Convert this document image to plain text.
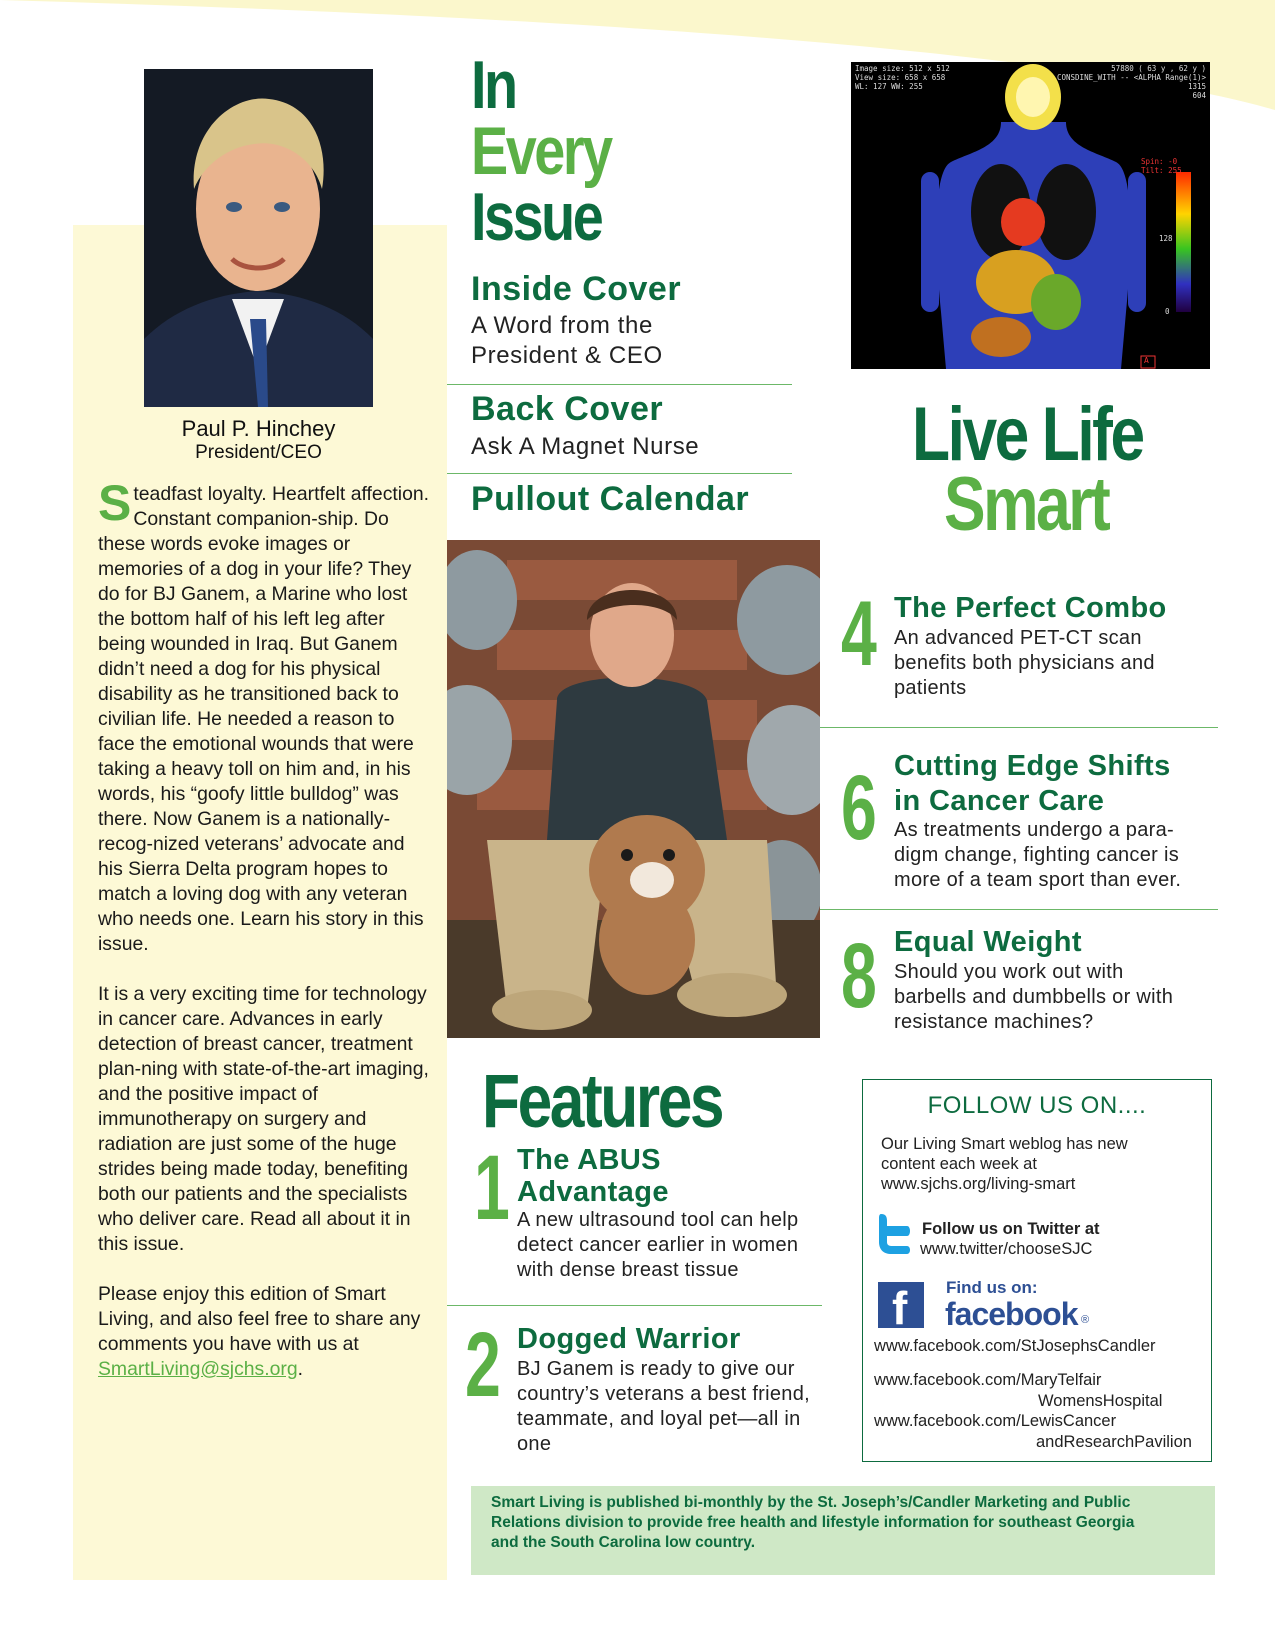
Paul P. Hinchey
President/CEO

Steadfast loyalty. Heartfelt affection. Constant companion-ship. Do these words evoke images or memories of a dog in your life? They do for BJ Ganem, a Marine who lost the bottom half of his left leg after being wounded in Iraq. But Ganem didn’t need a dog for his physical disability as he transitioned back to civilian life. He needed a reason to face the emotional wounds that were taking a heavy toll on him and, in his words, his “goofy little bulldog” was there. Now Ganem is a nationally-recog-nized veterans’ advocate and his Sierra Delta program hopes to match a loving dog with any veteran who needs one. Learn his story in this issue.

It is a very exciting time for technology in cancer care. Advances in early detection of breast cancer, treatment plan-ning with state-of-the-art imaging, and the positive impact of immunotherapy on surgery and radiation are just some of the huge strides being made today, benefiting both our patients and the specialists who deliver care. Read all about it in this issue.

Please enjoy this edition of Smart Living, and also feel free to share any comments you have with us at SmartLiving@sjchs.org.

In
Every
Issue
Inside Cover
A Word from the
President & CEO
Back Cover
Ask A Magnet Nurse
Pullout Calendar
Image size: 512 x 512
View size: 658 x 658
WL: 127 WW: 255
57880 ( 63 y , 62 y )
CONSDINE_WITH -- <ALPHA Range(1)>
1315
604
Spin: -0
Tilt: 255
128
0
A
Live Life
Smart
4 The Perfect Combo
An advanced PET-CT scan
benefits both physicians and
patients
6 Cutting Edge Shifts
in Cancer Care
As treatments undergo a para-
digm change, fighting cancer is
more of a team sport than ever.
8 Equal Weight
Should you work out with
barbells and dumbbells or with
resistance machines?
Features
1 The ABUS
Advantage
A new ultrasound tool can help
detect cancer earlier in women
with dense breast tissue
2 Dogged Warrior
BJ Ganem is ready to give our
country’s veterans a best friend,
teammate, and loyal pet—all in
one
FOLLOW US ON....
Our Living Smart weblog has new
content each week at
www.sjchs.org/living-smart
Follow us on Twitter at
www.twitter/chooseSJC
f Find us on:
facebook ®
www.facebook.com/StJosephsCandler
www.facebook.com/MaryTelfair
WomensHospital
www.facebook.com/LewisCancer
andResearchPavilion
Smart Living is published bi-monthly by the St. Joseph’s/Candler Marketing and Public
Relations division to provide free health and lifestyle information for southeast Georgia
and the South Carolina low country.
